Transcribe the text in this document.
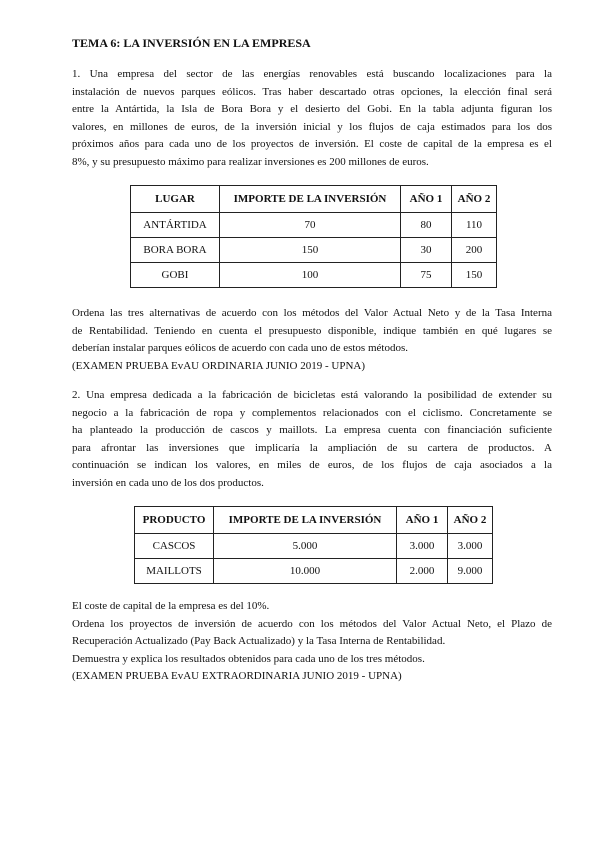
TEMA 6: LA INVERSIÓN EN LA EMPRESA

1. Una empresa del sector de las energías renovables está buscando localizaciones para la

instalación de nuevos parques eólicos. Tras haber descartado otras opciones, la elección final será

entre la Antártida, la Isla de Bora Bora y el desierto del Gobi. En la tabla adjunta figuran los

valores, en millones de euros, de la inversión inicial y los flujos de caja estimados para los dos

próximos años para cada uno de los proyectos de inversión. El coste de capital de la empresa es el

8%, y su presupuesto máximo para realizar inversiones es 200 millones de euros.

LUGAR	IMPORTE DE LA INVERSIÓN	AÑO 1	AÑO 2
ANTÁRTIDA	70	80	110
BORA BORA	150	30	200
GOBI	100	75	150

Ordena las tres alternativas de acuerdo con los métodos del Valor Actual Neto y de la Tasa Interna

de Rentabilidad. Teniendo en cuenta el presupuesto disponible, indique también en qué lugares se

deberían instalar parques eólicos de acuerdo con cada uno de estos métodos.

(EXAMEN PRUEBA EvAU ORDINARIA JUNIO 2019 - UPNA)

2. Una empresa dedicada a la fabricación de bicicletas está valorando la posibilidad de extender su

negocio a la fabricación de ropa y complementos relacionados con el ciclismo. Concretamente se

ha planteado la producción de cascos y maillots. La empresa cuenta con financiación suficiente

para afrontar las inversiones que implicaría la ampliación de su cartera de productos. A

continuación se indican los valores, en miles de euros, de los flujos de caja asociados a la

inversión en cada uno de los dos productos.

PRODUCTO	IMPORTE DE LA INVERSIÓN	AÑO 1	AÑO 2
CASCOS	5.000	3.000	3.000
MAILLOTS	10.000	2.000	9.000

El coste de capital de la empresa es del 10%.

Ordena los proyectos de inversión de acuerdo con los métodos del Valor Actual Neto, el Plazo de

Recuperación Actualizado (Pay Back Actualizado) y la Tasa Interna de Rentabilidad.

Demuestra y explica los resultados obtenidos para cada uno de los tres métodos.

(EXAMEN PRUEBA EvAU EXTRAORDINARIA JUNIO 2019 - UPNA)
